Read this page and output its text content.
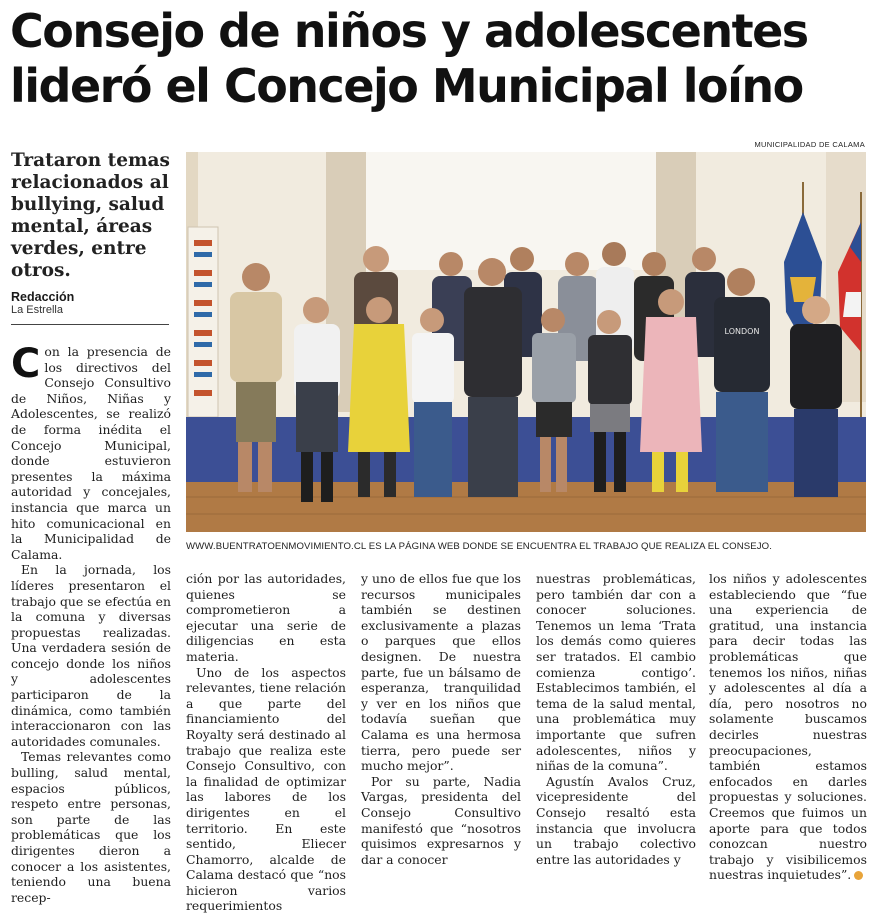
Consejo de niños y adolescentes
lideró el Concejo Municipal loíno

Trataron temas relacionados al bullying, salud mental, áreas verdes, entre otros.

Redacción
La Estrella
MUNICIPALIDAD DE CALAMA
LONDON
WWW.BUENTRATOENMOVIMIENTO.CL ES LA PÁGINA WEB DONDE SE ENCUENTRA EL TRABAJO QUE REALIZA EL CONSEJO.

Con la presencia de los directivos del Consejo Consultivo de Niños, Niñas y Adolescentes, se realizó de forma inédita el Concejo Municipal, donde estuvieron presentes la máxima autoridad y concejales, instancia que marca un hito comunicacional en la Municipalidad de Calama.

En la jornada, los líderes presentaron el trabajo que se efectúa en la comuna y diversas propuestas realizadas. Una verdadera sesión de concejo donde los niños y adolescentes participaron de la dinámica, como también interaccionaron con las autoridades comunales.

Temas relevantes como bulling, salud mental, espacios públicos, respeto entre personas, son parte de las problemáticas que los dirigentes dieron a conocer a los asistentes, teniendo una buena recep-

ción por las autoridades, quienes se comprometieron a ejecutar una serie de diligencias en esta materia.

Uno de los aspectos relevantes, tiene relación a que parte del financiamiento del Royalty será destinado al trabajo que realiza este Consejo Consultivo, con la finalidad de optimizar las labores de los dirigentes en el territorio. En este sentido, Eliecer Chamorro, alcalde de Calama destacó que “nos hicieron varios requerimientos

y uno de ellos fue que los recursos municipales también se destinen exclusivamente a plazas o parques que ellos designen. De nuestra parte, fue un bálsamo de esperanza, tranquilidad y ver en los niños que todavía sueñan que Calama es una hermosa tierra, pero puede ser mucho mejor”.

Por su parte, Nadia Vargas, presidenta del Consejo Consultivo manifestó que “nosotros quisimos expresarnos y dar a conocer

nuestras problemáticas, pero también dar con a conocer soluciones. Tenemos un lema ‘Trata los demás como quieres ser tratados. El cambio comienza contigo’. Establecimos también, el tema de la salud mental, una problemática muy importante que sufren adolescentes, niños y niñas de la comuna”.

Agustín Avalos Cruz, vicepresidente del Consejo resaltó esta instancia que involucra un trabajo colectivo entre las autoridades y

los niños y adolescentes estableciendo que “fue una experiencia de gratitud, una instancia para decir todas las problemáticas que tenemos los niños, niñas y adolescentes al día a día, pero nosotros no solamente buscamos decirles nuestras preocupaciones, también estamos enfocados en darles propuestas y soluciones. Creemos que fuimos un aporte para que todos conozcan nuestro trabajo y visibilicemos nuestras inquietudes”.
